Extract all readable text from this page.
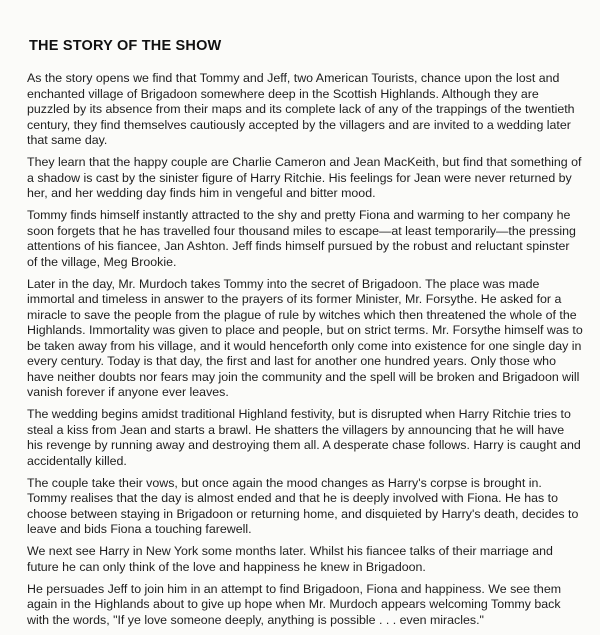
THE STORY OF THE SHOW

As the story opens we find that Tommy and Jeff, two American Tourists, chance upon the lost and enchanted village of Brigadoon somewhere deep in the Scottish Highlands. Although they are puzzled by its absence from their maps and its complete lack of any of the trappings of the twentieth century, they find themselves cautiously accepted by the villagers and are invited to a wedding later that same day.

They learn that the happy couple are Charlie Cameron and Jean MacKeith, but find that something of a shadow is cast by the sinister figure of Harry Ritchie. His feelings for Jean were never returned by her, and her wedding day finds him in vengeful and bitter mood.

Tommy finds himself instantly attracted to the shy and pretty Fiona and warming to her company he soon forgets that he has travelled four thousand miles to escape—at least temporarily—the pressing attentions of his fiancee, Jan Ashton. Jeff finds himself pursued by the robust and reluctant spinster of the village, Meg Brookie.

Later in the day, Mr. Murdoch takes Tommy into the secret of Brigadoon. The place was made immortal and timeless in answer to the prayers of its former Minister, Mr. Forsythe. He asked for a miracle to save the people from the plague of rule by witches which then threatened the whole of the Highlands. Immortality was given to place and people, but on strict terms. Mr. Forsythe himself was to be taken away from his village, and it would henceforth only come into existence for one single day in every century. Today is that day, the first and last for another one hundred years. Only those who have neither doubts nor fears may join the community and the spell will be broken and Brigadoon will vanish forever if anyone ever leaves.

The wedding begins amidst traditional Highland festivity, but is disrupted when Harry Ritchie tries to steal a kiss from Jean and starts a brawl. He shatters the villagers by announcing that he will have his revenge by running away and destroying them all. A desperate chase follows. Harry is caught and accidentally killed.

The couple take their vows, but once again the mood changes as Harry's corpse is brought in. Tommy realises that the day is almost ended and that he is deeply involved with Fiona. He has to choose between staying in Brigadoon or returning home, and disquieted by Harry's death, decides to leave and bids Fiona a touching farewell.

We next see Harry in New York some months later. Whilst his fiancee talks of their marriage and future he can only think of the love and happiness he knew in Brigadoon.

He persuades Jeff to join him in an attempt to find Brigadoon, Fiona and happiness. We see them again in the Highlands about to give up hope when Mr. Murdoch appears welcoming Tommy back with the words, "If ye love someone deeply, anything is possible . . . even miracles."
